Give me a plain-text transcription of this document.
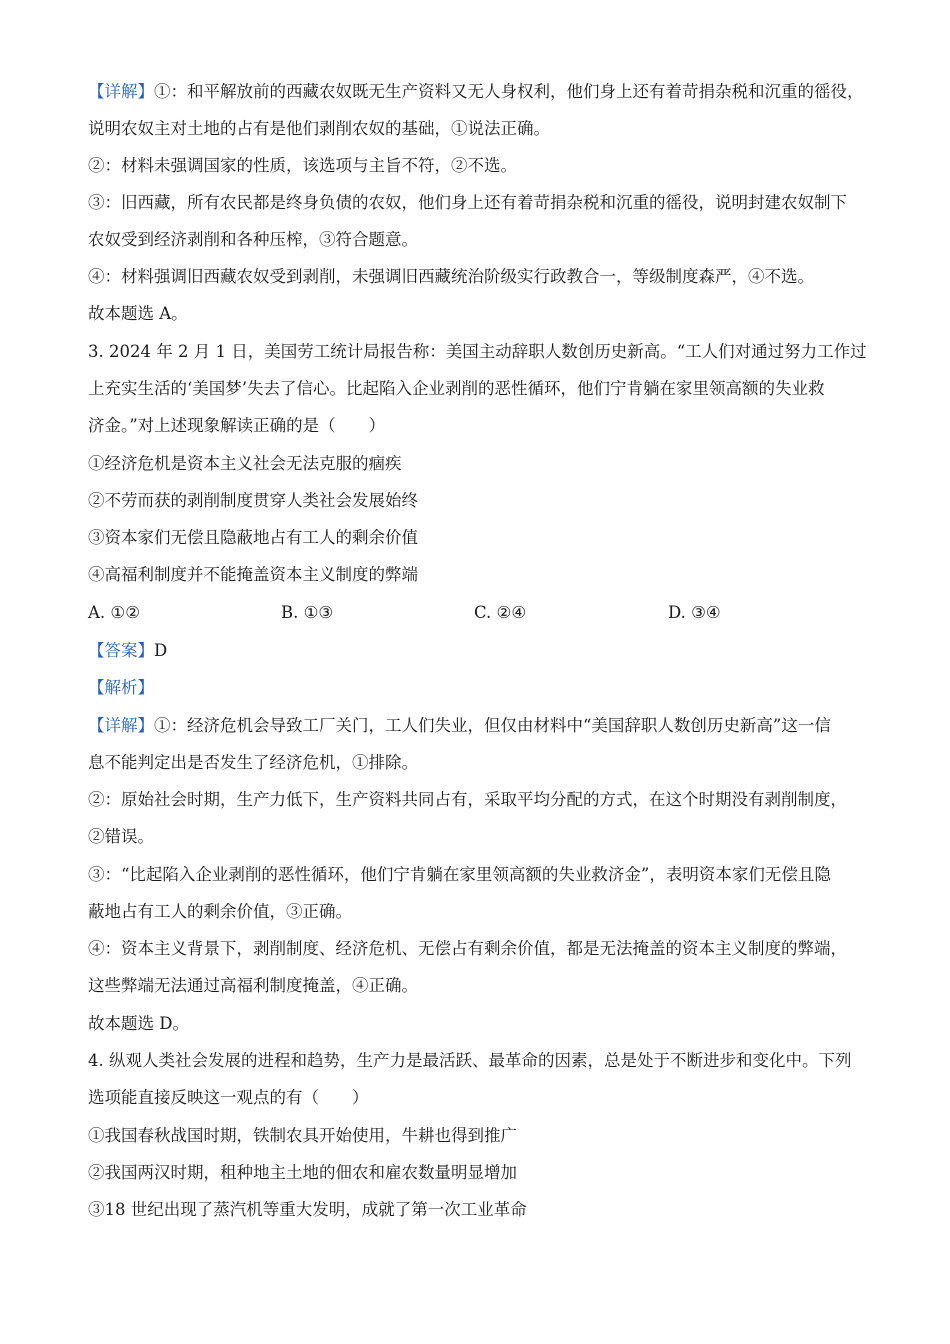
【详解】①：和平解放前的西藏农奴既无生产资料又无人身权利，他们身上还有着苛捐杂税和沉重的徭役，
说明农奴主对土地的占有是他们剥削农奴的基础，①说法正确。
②：材料未强调国家的性质，该选项与主旨不符，②不选。
③：旧西藏，所有农民都是终身负债的农奴，他们身上还有着苛捐杂税和沉重的徭役，说明封建农奴制下
农奴受到经济剥削和各种压榨，③符合题意。
④：材料强调旧西藏农奴受到剥削，未强调旧西藏统治阶级实行政教合一，等级制度森严，④不选。
故本题选 A。
3. 2024 年 2 月 1 日，美国劳工统计局报告称：美国主动辞职人数创历史新高。“工人们对通过努力工作过
上充实生活的‘美国梦’失去了信心。比起陷入企业剥削的恶性循环，他们宁肯躺在家里领高额的失业救
济金。”对上述现象解读正确的是（　　）
①经济危机是资本主义社会无法克服的痼疾
②不劳而获的剥削制度贯穿人类社会发展始终
③资本家们无偿且隐蔽地占有工人的剩余价值
④高福利制度并不能掩盖资本主义制度的弊端
A. ①②	B. ①③	C. ②④	D. ③④
【答案】D
【解析】
【详解】①：经济危机会导致工厂关门，工人们失业，但仅由材料中“美国辞职人数创历史新高”这一信
息不能判定出是否发生了经济危机，①排除。
②：原始社会时期，生产力低下，生产资料共同占有，采取平均分配的方式，在这个时期没有剥削制度，
②错误。
③：“比起陷入企业剥削的恶性循环，他们宁肯躺在家里领高额的失业救济金”，表明资本家们无偿且隐
蔽地占有工人的剩余价值，③正确。
④：资本主义背景下，剥削制度、经济危机、无偿占有剩余价值，都是无法掩盖的资本主义制度的弊端，
这些弊端无法通过高福利制度掩盖，④正确。
故本题选 D。
4. 纵观人类社会发展的进程和趋势，生产力是最活跃、最革命的因素，总是处于不断进步和变化中。下列
选项能直接反映这一观点的有（　　）
①我国春秋战国时期，铁制农具开始使用，牛耕也得到推广
②我国两汉时期，租种地主土地的佃农和雇农数量明显增加
③18 世纪出现了蒸汽机等重大发明，成就了第一次工业革命
